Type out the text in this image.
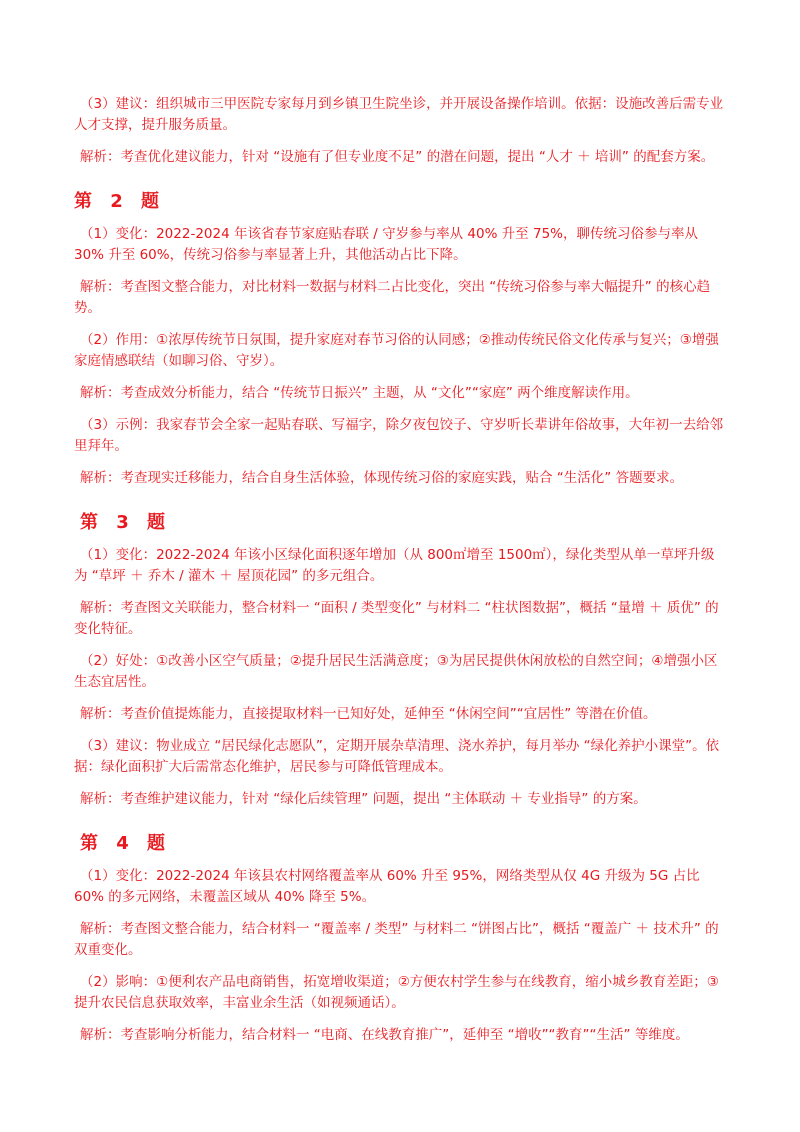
（3）建议：组织城市三甲医院专家每月到乡镇卫生院坐诊，并开展设备操作培训。依据：设施改善后需专业人才支撑，提升服务质量。

解析：考查优化建议能力，针对 “设施有了但专业度不足” 的潜在问题，提出 “人才 ＋ 培训” 的配套方案。

第 2 题

（1）变化：2022-2024 年该省春节家庭贴春联 / 守岁参与率从 40% 升至 75%，聊传统习俗参与率从 30% 升至 60%，传统习俗参与率显著上升，其他活动占比下降。

解析：考查图文整合能力，对比材料一数据与材料二占比变化，突出 “传统习俗参与率大幅提升” 的核心趋势。

（2）作用：①浓厚传统节日氛围，提升家庭对春节习俗的认同感；②推动传统民俗文化传承与复兴；③增强家庭情感联结（如聊习俗、守岁）。

解析：考查成效分析能力，结合 “传统节日振兴” 主题，从 “文化”“家庭” 两个维度解读作用。

（3）示例：我家春节会全家一起贴春联、写福字，除夕夜包饺子、守岁听长辈讲年俗故事，大年初一去给邻里拜年。

解析：考查现实迁移能力，结合自身生活体验，体现传统习俗的家庭实践，贴合 “生活化” 答题要求。

第 3 题

（1）变化：2022-2024 年该小区绿化面积逐年增加（从 800㎡增至 1500㎡），绿化类型从单一草坪升级为 “草坪 ＋ 乔木 / 灌木 ＋ 屋顶花园” 的多元组合。

解析：考查图文关联能力，整合材料一 “面积 / 类型变化” 与材料二 “柱状图数据”，概括 “量增 ＋ 质优” 的变化特征。

（2）好处：①改善小区空气质量；②提升居民生活满意度；③为居民提供休闲放松的自然空间；④增强小区生态宜居性。

解析：考查价值提炼能力，直接提取材料一已知好处，延伸至 “休闲空间”“宜居性” 等潜在价值。

（3）建议：物业成立 “居民绿化志愿队”，定期开展杂草清理、浇水养护，每月举办 “绿化养护小课堂”。依据：绿化面积扩大后需常态化维护，居民参与可降低管理成本。

解析：考查维护建议能力，针对 “绿化后续管理” 问题，提出 “主体联动 ＋ 专业指导” 的方案。

第 4 题

（1）变化：2022-2024 年该县农村网络覆盖率从 60% 升至 95%，网络类型从仅 4G 升级为 5G 占比 60% 的多元网络，未覆盖区域从 40% 降至 5%。

解析：考查图文整合能力，结合材料一 “覆盖率 / 类型” 与材料二 “饼图占比”，概括 “覆盖广 ＋ 技术升” 的双重变化。

（2）影响：①便利农产品电商销售，拓宽增收渠道；②方便农村学生参与在线教育，缩小城乡教育差距；③提升农民信息获取效率，丰富业余生活（如视频通话）。

解析：考查影响分析能力，结合材料一 “电商、在线教育推广”，延伸至 “增收”“教育”“生活” 等维度。
